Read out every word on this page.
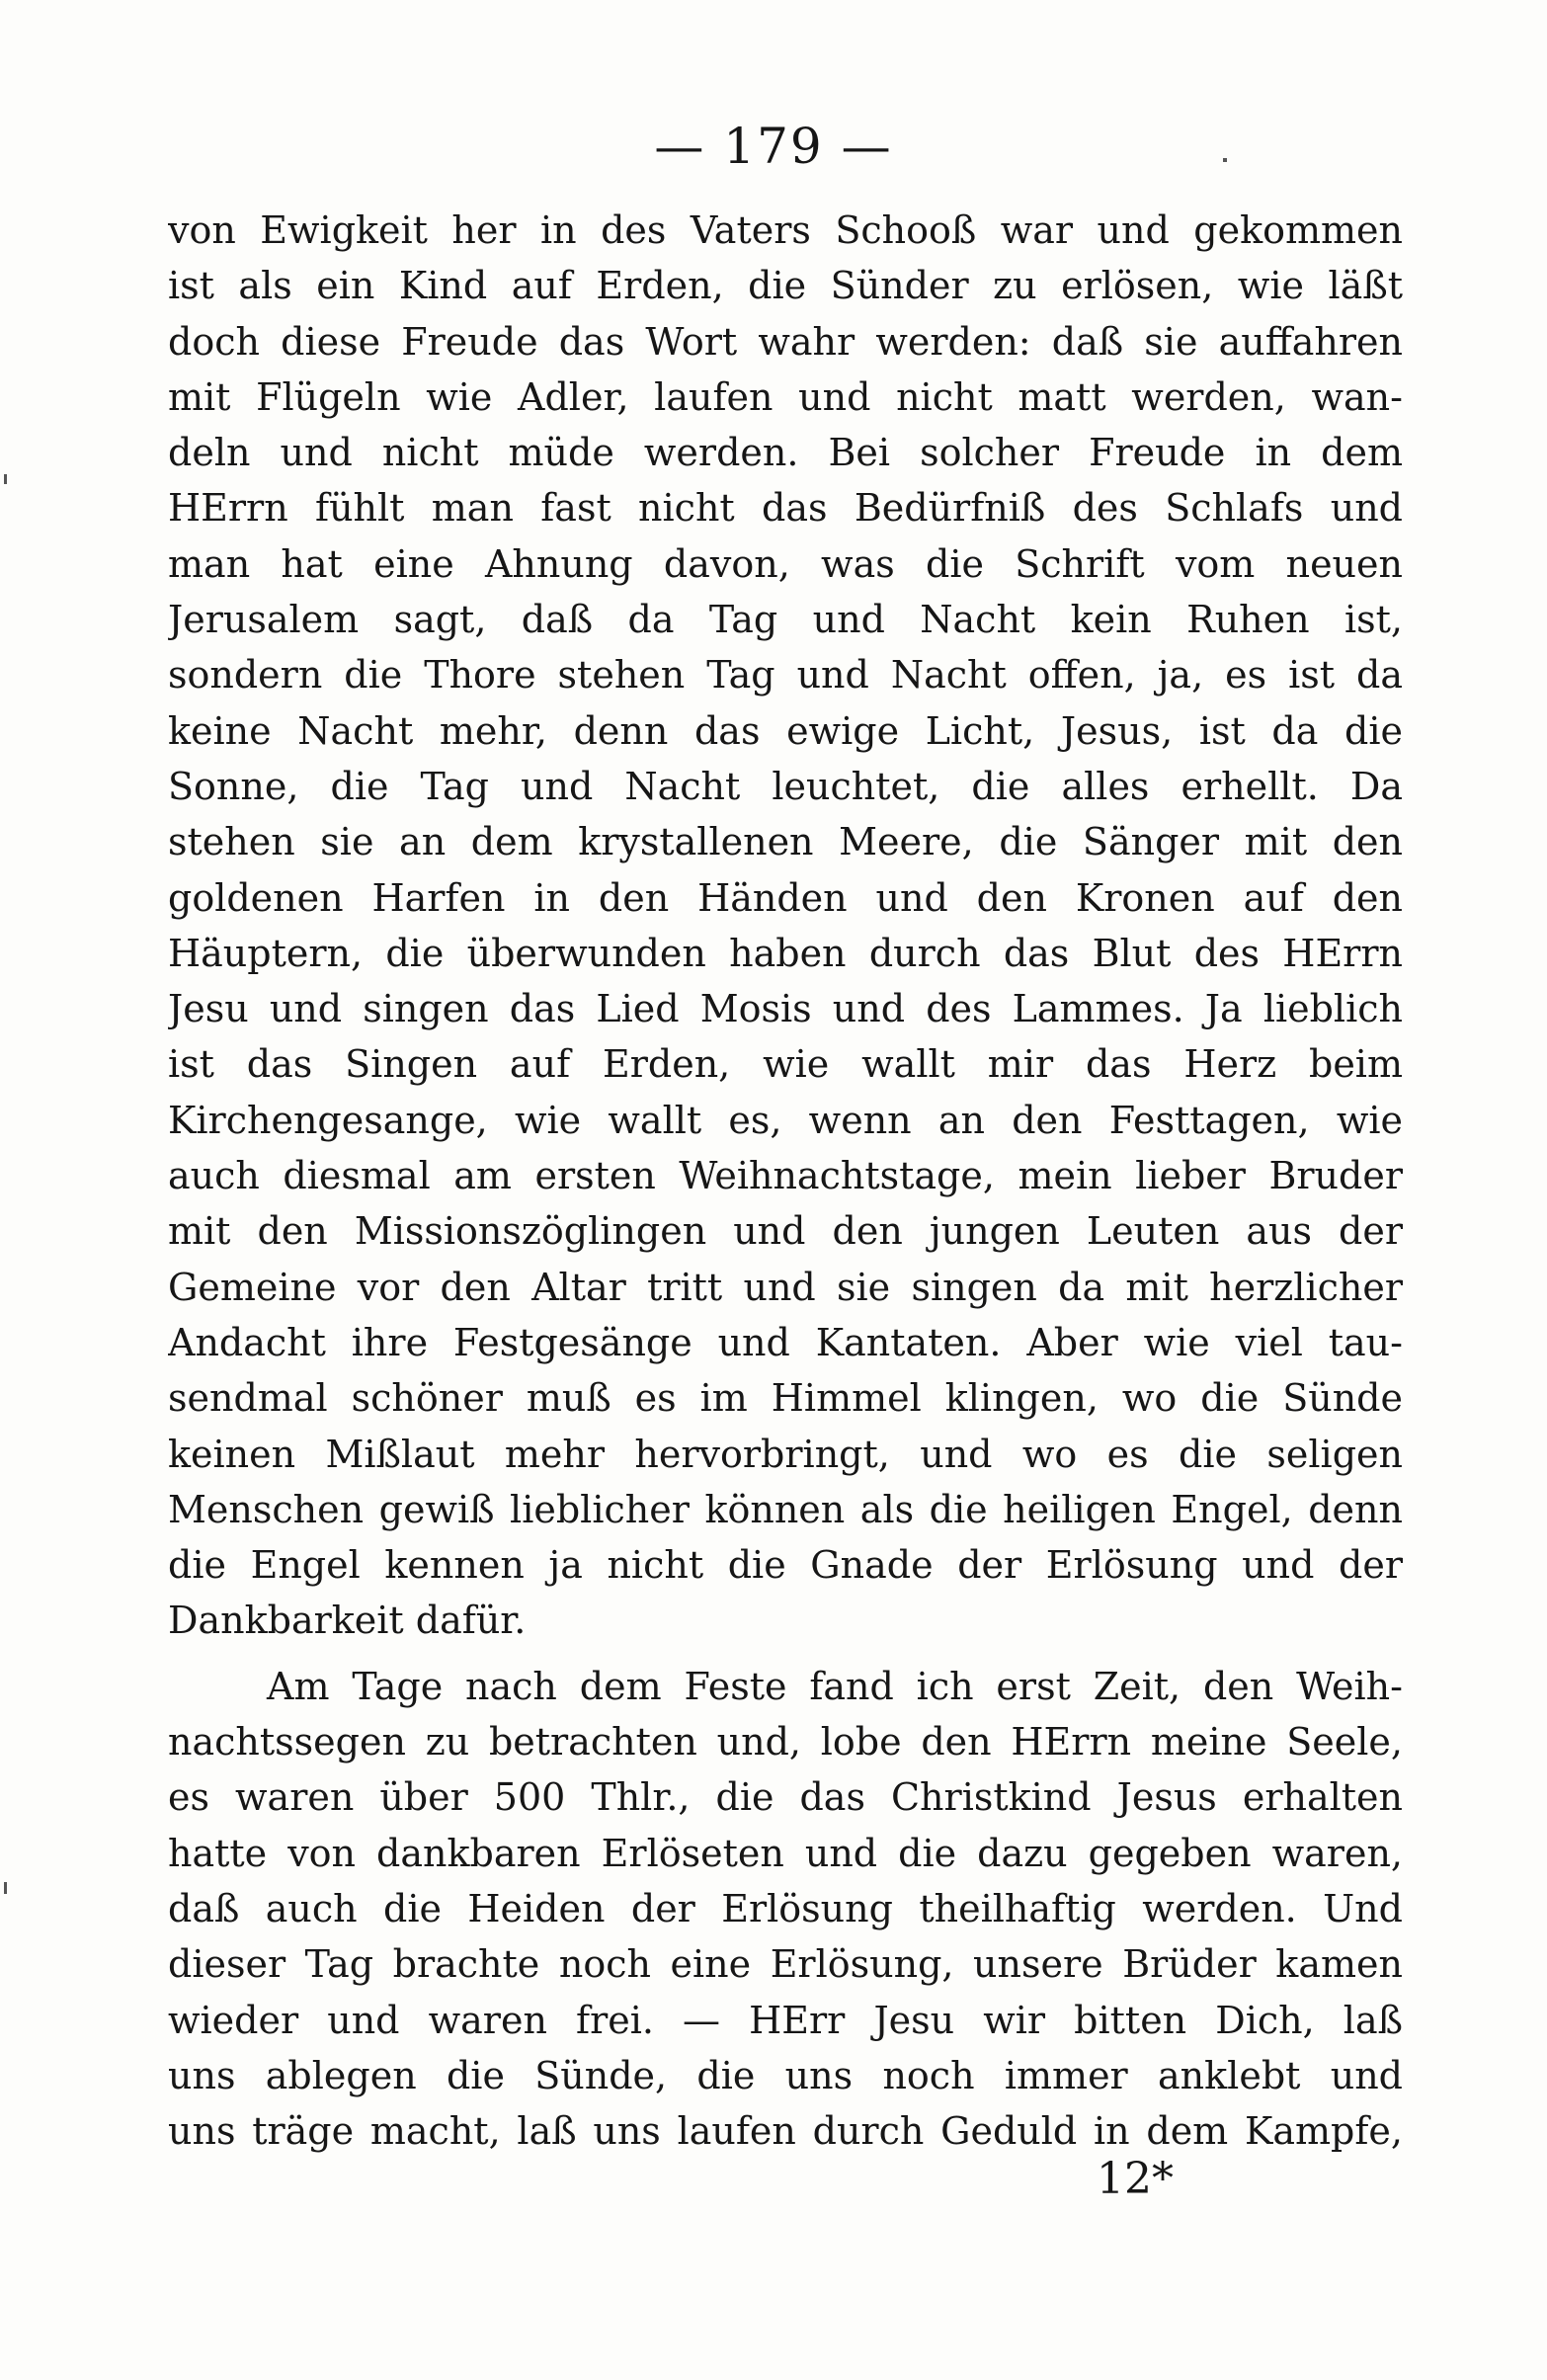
— 179 —
von Ewigkeit her in des Vaters Schooß war und gekommen
ist als ein Kind auf Erden, die Sünder zu erlösen, wie läßt
doch diese Freude das Wort wahr werden: daß sie auffahren
mit Flügeln wie Adler, laufen und nicht matt werden, wan-
deln und nicht müde werden. Bei solcher Freude in dem
HErrn fühlt man fast nicht das Bedürfniß des Schlafs und
man hat eine Ahnung davon, was die Schrift vom neuen
Jerusalem sagt, daß da Tag und Nacht kein Ruhen ist,
sondern die Thore stehen Tag und Nacht offen, ja, es ist da
keine Nacht mehr, denn das ewige Licht, Jesus, ist da die
Sonne, die Tag und Nacht leuchtet, die alles erhellt. Da
stehen sie an dem krystallenen Meere, die Sänger mit den
goldenen Harfen in den Händen und den Kronen auf den
Häuptern, die überwunden haben durch das Blut des HErrn
Jesu und singen das Lied Mosis und des Lammes. Ja lieblich
ist das Singen auf Erden, wie wallt mir das Herz beim
Kirchengesange, wie wallt es, wenn an den Festtagen, wie
auch diesmal am ersten Weihnachtstage, mein lieber Bruder
mit den Missionszöglingen und den jungen Leuten aus der
Gemeine vor den Altar tritt und sie singen da mit herzlicher
Andacht ihre Festgesänge und Kantaten. Aber wie viel tau-
sendmal schöner muß es im Himmel klingen, wo die Sünde
keinen Mißlaut mehr hervorbringt, und wo es die seligen
Menschen gewiß lieblicher können als die heiligen Engel, denn
die Engel kennen ja nicht die Gnade der Erlösung und der
Dankbarkeit dafür.
Am Tage nach dem Feste fand ich erst Zeit, den Weih-
nachtssegen zu betrachten und, lobe den HErrn meine Seele,
es waren über 500 Thlr., die das Christkind Jesus erhalten
hatte von dankbaren Erlöseten und die dazu gegeben waren,
daß auch die Heiden der Erlösung theilhaftig werden. Und
dieser Tag brachte noch eine Erlösung, unsere Brüder kamen
wieder und waren frei. — HErr Jesu wir bitten Dich, laß
uns ablegen die Sünde, die uns noch immer anklebt und
uns träge macht, laß uns laufen durch Geduld in dem Kampfe,
12*
